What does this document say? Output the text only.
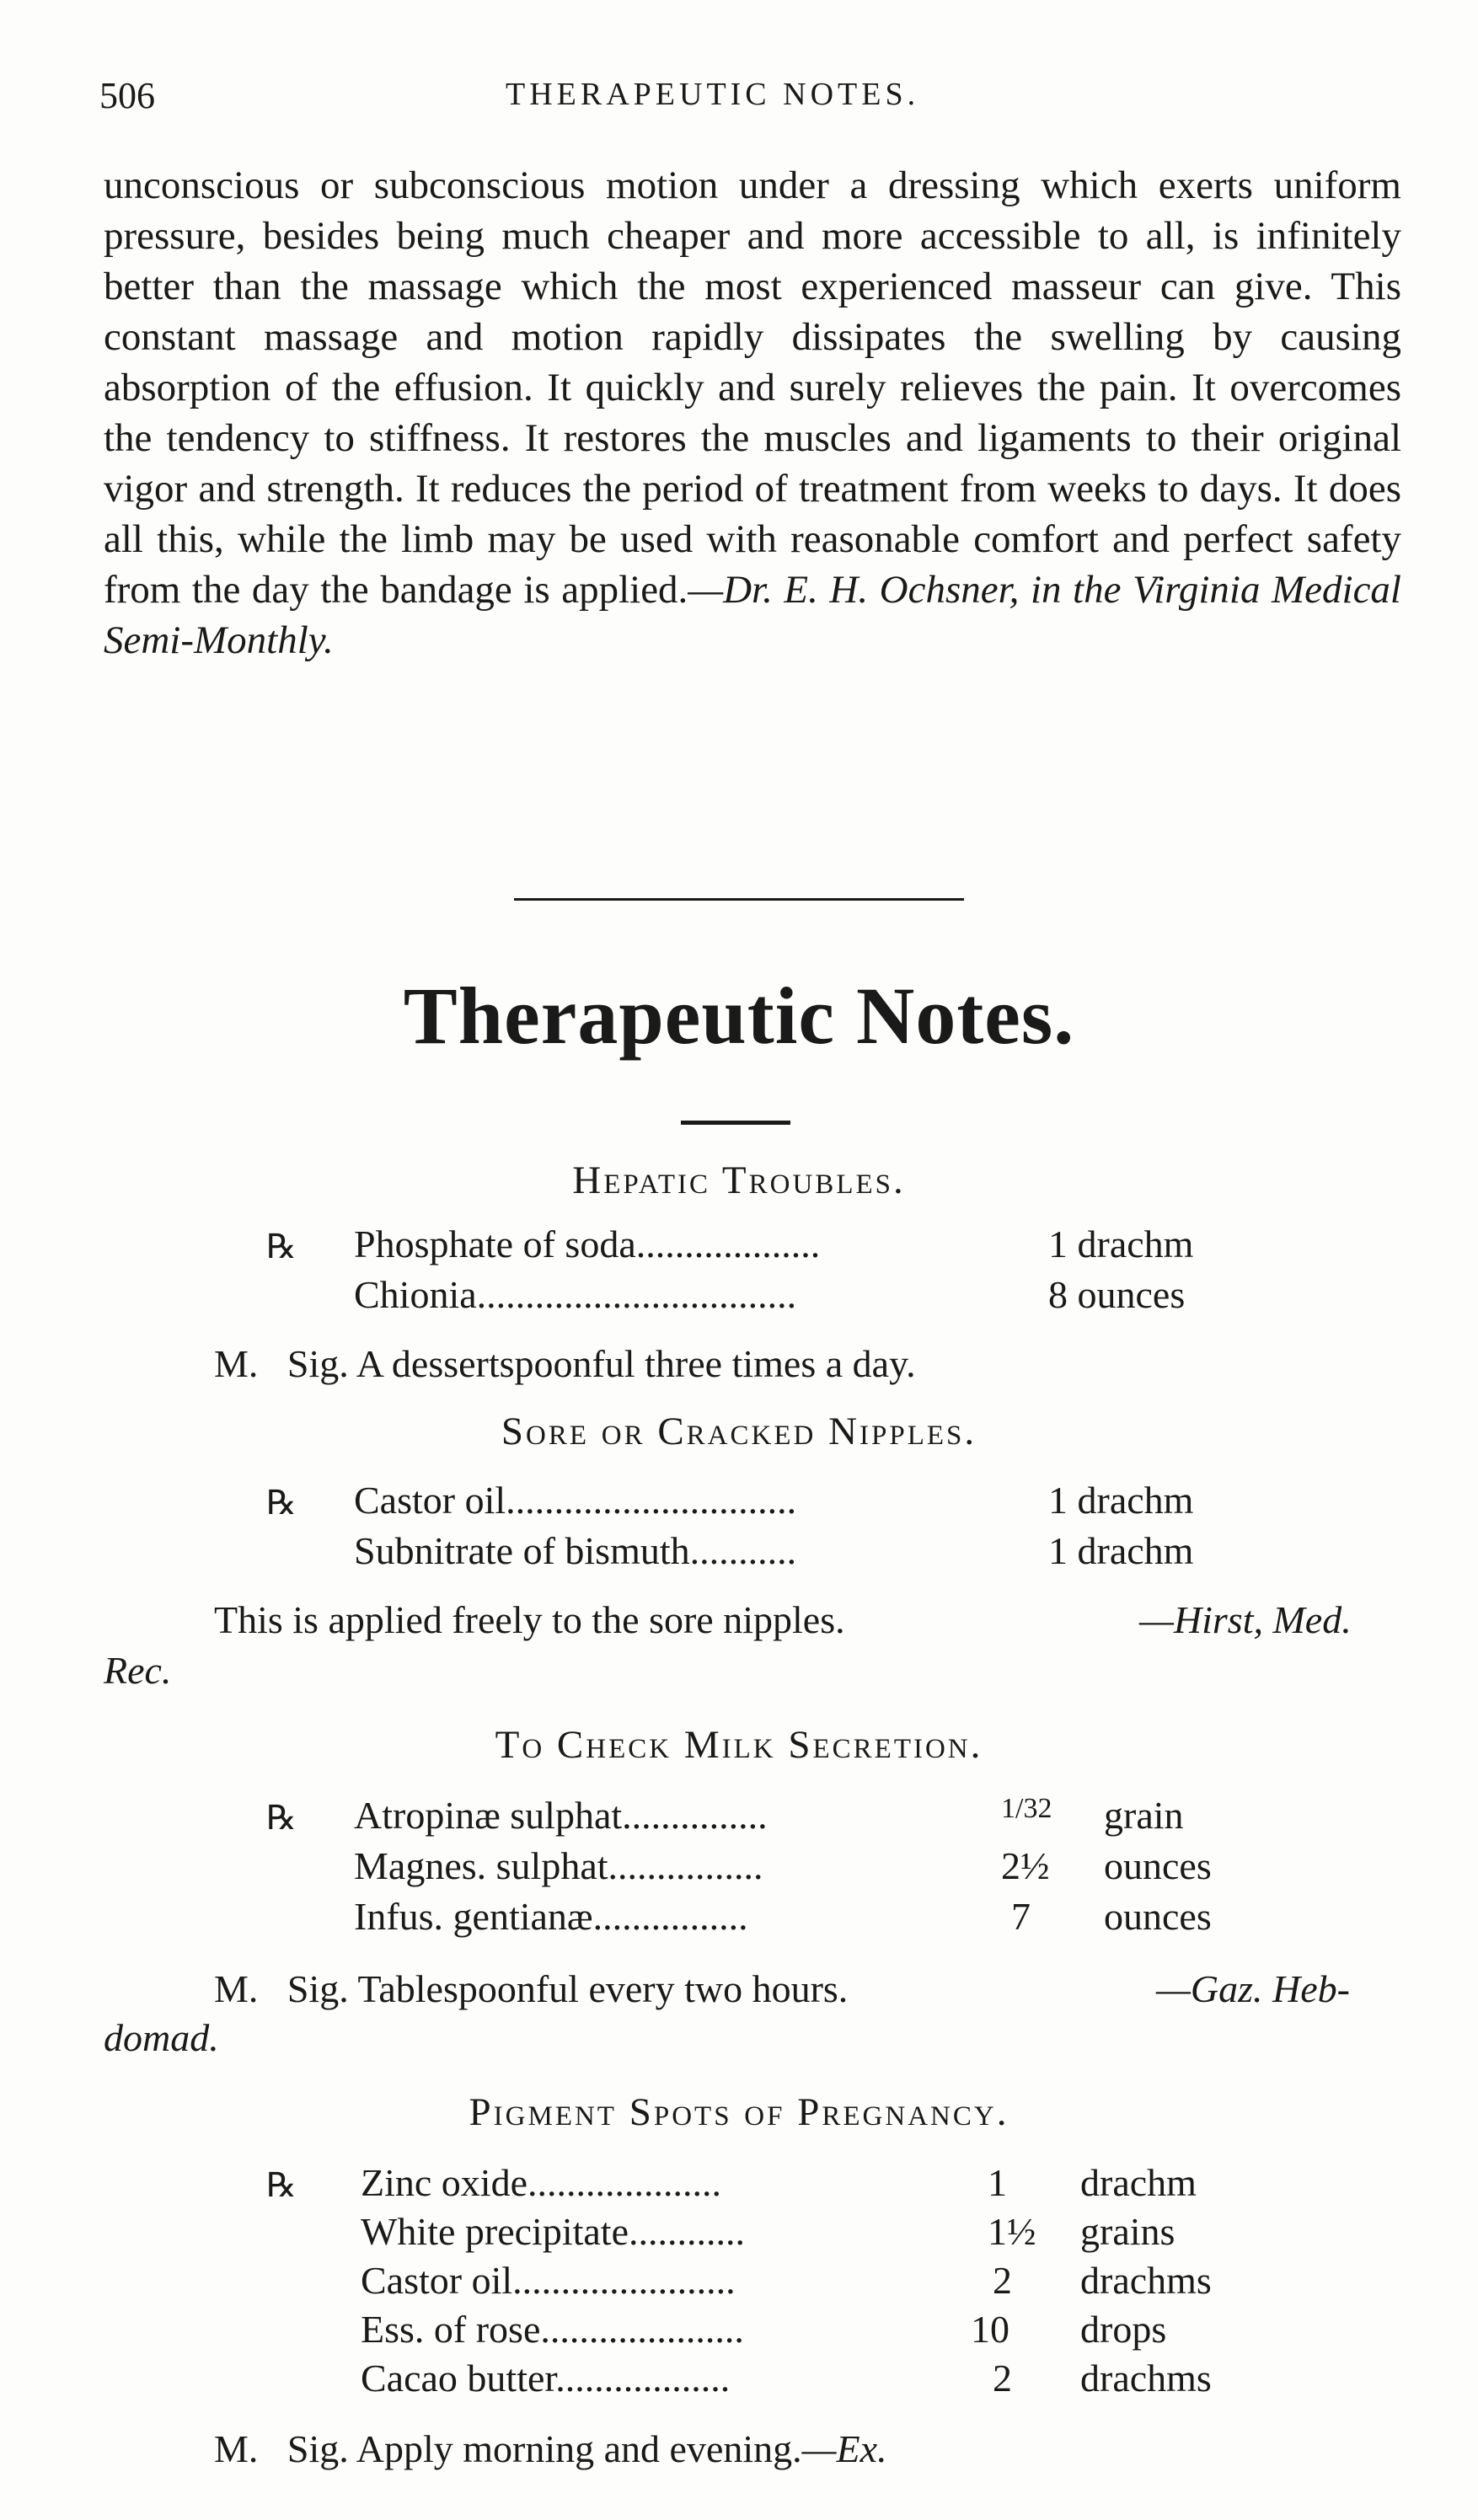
506	THERAPEUTIC NOTES.

unconscious or subconscious motion under a dressing which exerts uniform pressure, besides being much cheaper and more accessible to all, is infinitely better than the massage which the most experienced masseur can give. This constant massage and motion rapidly dissipates the swelling by causing absorption of the effusion. It quickly and surely relieves the pain. It overcomes the tendency to stiffness. It restores the muscles and ligaments to their original vigor and strength. It reduces the period of treatment from weeks to days. It does all this, while the limb may be used with reasonable comfort and perfect safety from the day the bandage is applied.—Dr. E. H. Ochsner, in the Virginia Medical Semi-Monthly.

Therapeutic Notes.
Hepatic Troubles.
℞ Phosphate of soda...................	1 drachm
Chionia.................................	8 ounces
M. Sig. A dessertspoonful three times a day.
Sore or Cracked Nipples.
℞ Castor oil..............................	1 drachm
Subnitrate of bismuth...........	1 drachm
This is applied freely to the sore nipples.	—Hirst, Med.
Rec.
To Check Milk Secretion.
℞ Atropinæ sulphat...............	1/32 grain
Magnes. sulphat................	2½ ounces
Infus. gentianæ................	7 ounces
M. Sig. Tablespoonful every two hours.	—Gaz. Heb-
domad.
Pigment Spots of Pregnancy.
℞ Zinc oxide....................	1 drachm
White precipitate............	1½ grains
Castor oil.......................	2 drachms
Ess. of rose.....................	10 drops
Cacao butter..................	2 drachms
M. Sig. Apply morning and evening.—Ex.
